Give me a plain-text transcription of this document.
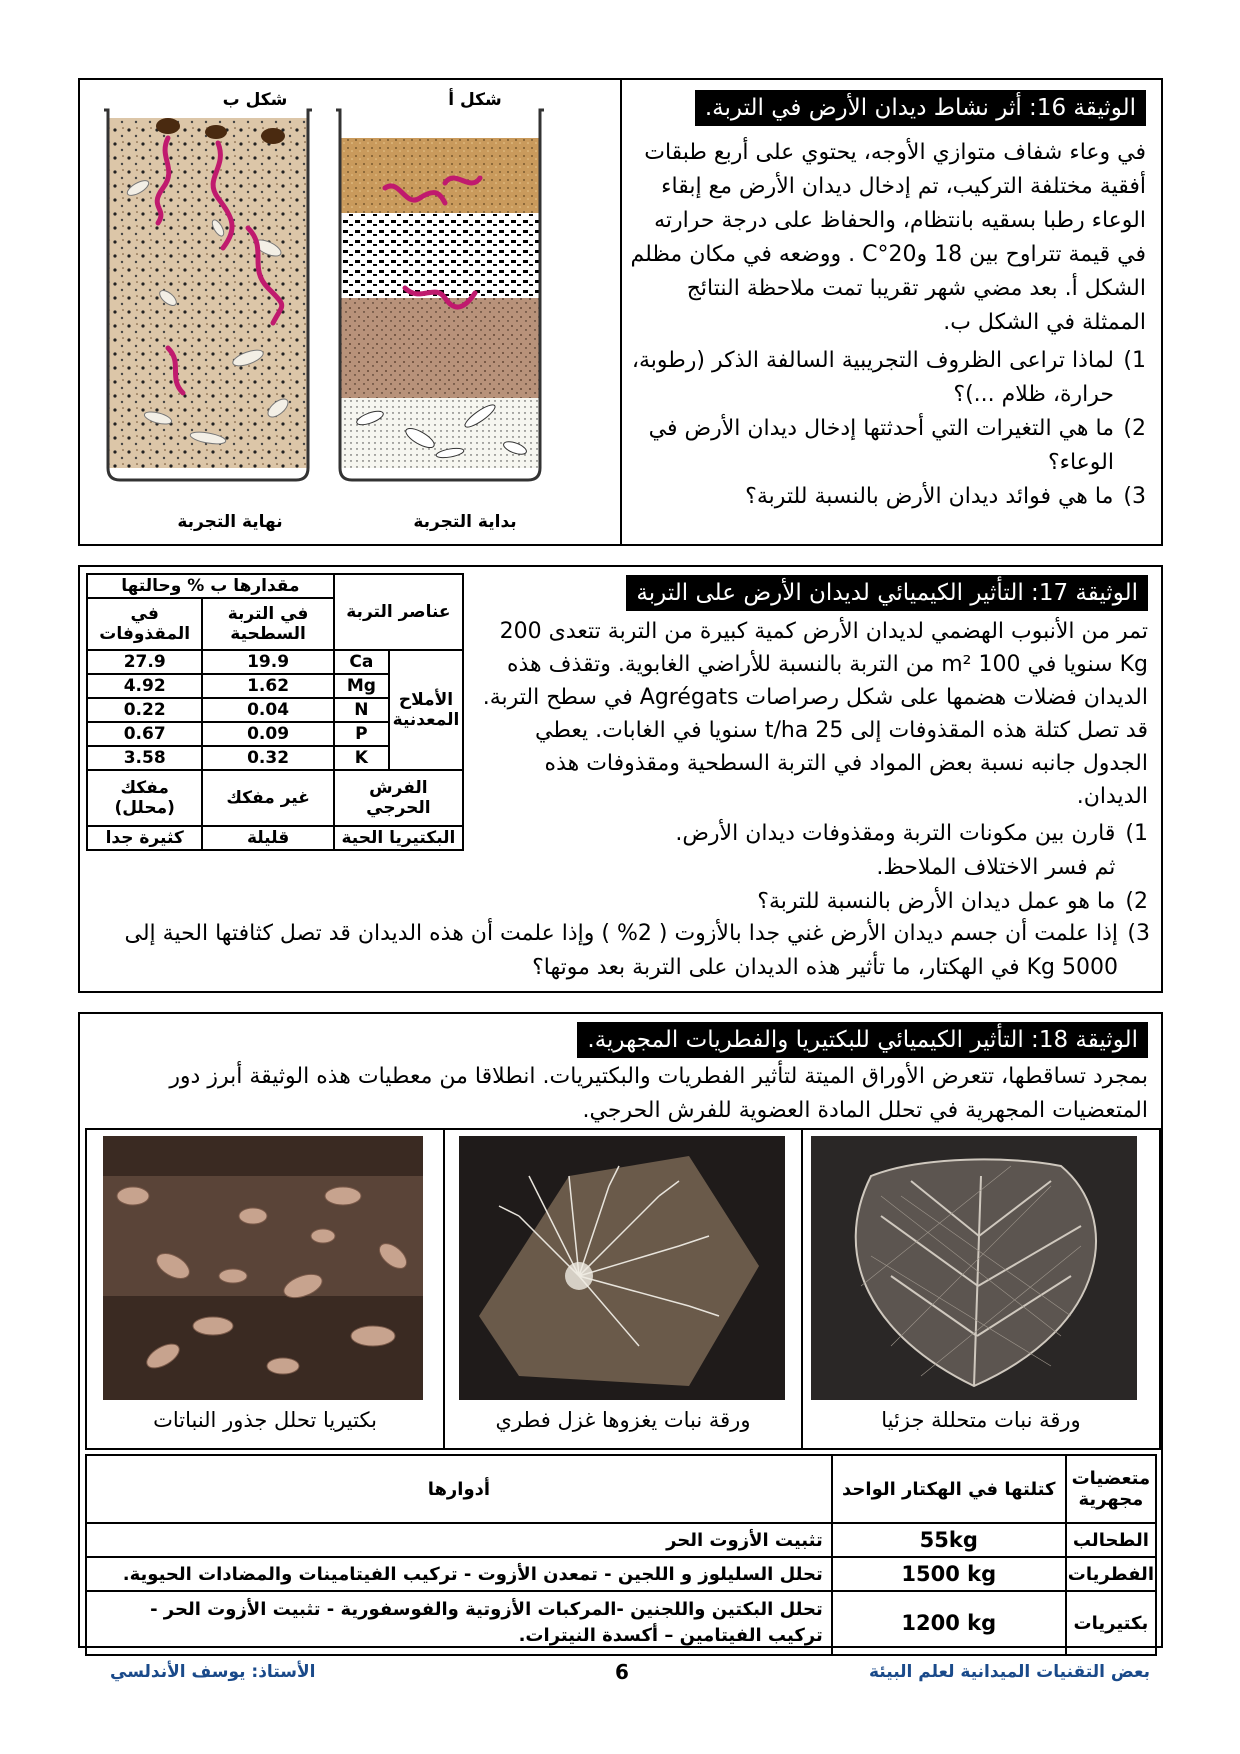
الوثيقة 16: أثر نشاط ديدان الأرض في التربة.
في وعاء شفاف متوازي الأوجه، يحتوي على أربع طبقات أفقية مختلفة التركيب، تم إدخال ديدان الأرض مع إبقاء الوعاء رطبا بسقيه بانتظام، والحفاظ على درجة حرارته في قيمة تتراوح بين 18 و20°C . ووضعه في مكان مظلم الشكل أ. بعد مضي شهر تقريبا تمت ملاحظة النتائج الممثلة في الشكل ب.
1)
لماذا تراعى الظروف التجريبية السالفة الذكر (رطوبة، حرارة، ظلام ...)؟
2)
ما هي التغيرات التي أحدثتها إدخال ديدان الأرض في الوعاء؟
3)
ما هي فوائد ديدان الأرض بالنسبة للتربة؟
شكل ب	شكل أ
نهاية التجربة	بداية التجربة
عناصر التربة		مقدارها ب % وحالتها	
		في التربة السطحية	في المقذوفات
الأملاح المعدنية	Ca	19.9	27.9
	Mg	1.62	4.92
	N	0.04	0.22
	P	0.09	0.67
	K	0.32	3.58
الفرش الحرجي		غير مفكك	مفكك (محلل)
البكتيريا الحية		قليلة	كثيرة جدا
الوثيقة 17: التأثير الكيميائي لديدان الأرض على التربة
تمر من الأنبوب الهضمي لديدان الأرض كمية كبيرة من التربة تتعدى 200 Kg سنويا في 100 m² من التربة بالنسبة للأراضي الغابوية. وتقذف هذه الديدان فضلات هضمها على شكل رصراصات Agrégats في سطح التربة. قد تصل كتلة هذه المقذوفات إلى 25 t/ha سنويا في الغابات. يعطي الجدول جانبه نسبة بعض المواد في التربة السطحية ومقذوفات هذه الديدان.
1)
قارن بين مكونات التربة ومقذوفات ديدان الأرض. ثم فسر الاختلاف الملاحظ.
2)
ما هو عمل ديدان الأرض بالنسبة للتربة؟
3)
إذا علمت أن جسم ديدان الأرض غني جدا بالأزوت ( 2% ) وإذا علمت أن هذه الديدان قد تصل كثافتها الحية إلى 5000 Kg في الهكتار، ما تأثير هذه الديدان على التربة بعد موتها؟
الوثيقة 18: التأثير الكيميائي للبكتيريا والفطريات المجهرية.
بمجرد تساقطها، تتعرض الأوراق الميتة لتأثير الفطريات والبكتيريات. انطلاقا من معطيات هذه الوثيقة أبرز دور المتعضيات المجهرية في تحلل المادة العضوية للفرش الحرجي.
ورقة نبات متحللة جزئيا
ورقة نبات يغزوها غزل فطري
بكتيريا تحلل جذور النباتات
متعضيات مجهرية	كتلتها في الهكتار الواحد	أدوارها
الطحالب	55kg	تثبيت الأزوت الحر
الفطريات	1500 kg	تحلل السليلوز و اللجين - تمعدن الأزوت - تركيب الفيتامينات والمضادات الحيوية.
بكتيريات	1200 kg	تحلل البكتين واللجنين -المركبات الأزوتية والفوسفورية - تثبيت الأزوت الحر - تركيب الفيتامين – أكسدة النيترات.
الأستاذ: يوسف الأندلسي	6	بعض التقنيات الميدانية لعلم البيئة
